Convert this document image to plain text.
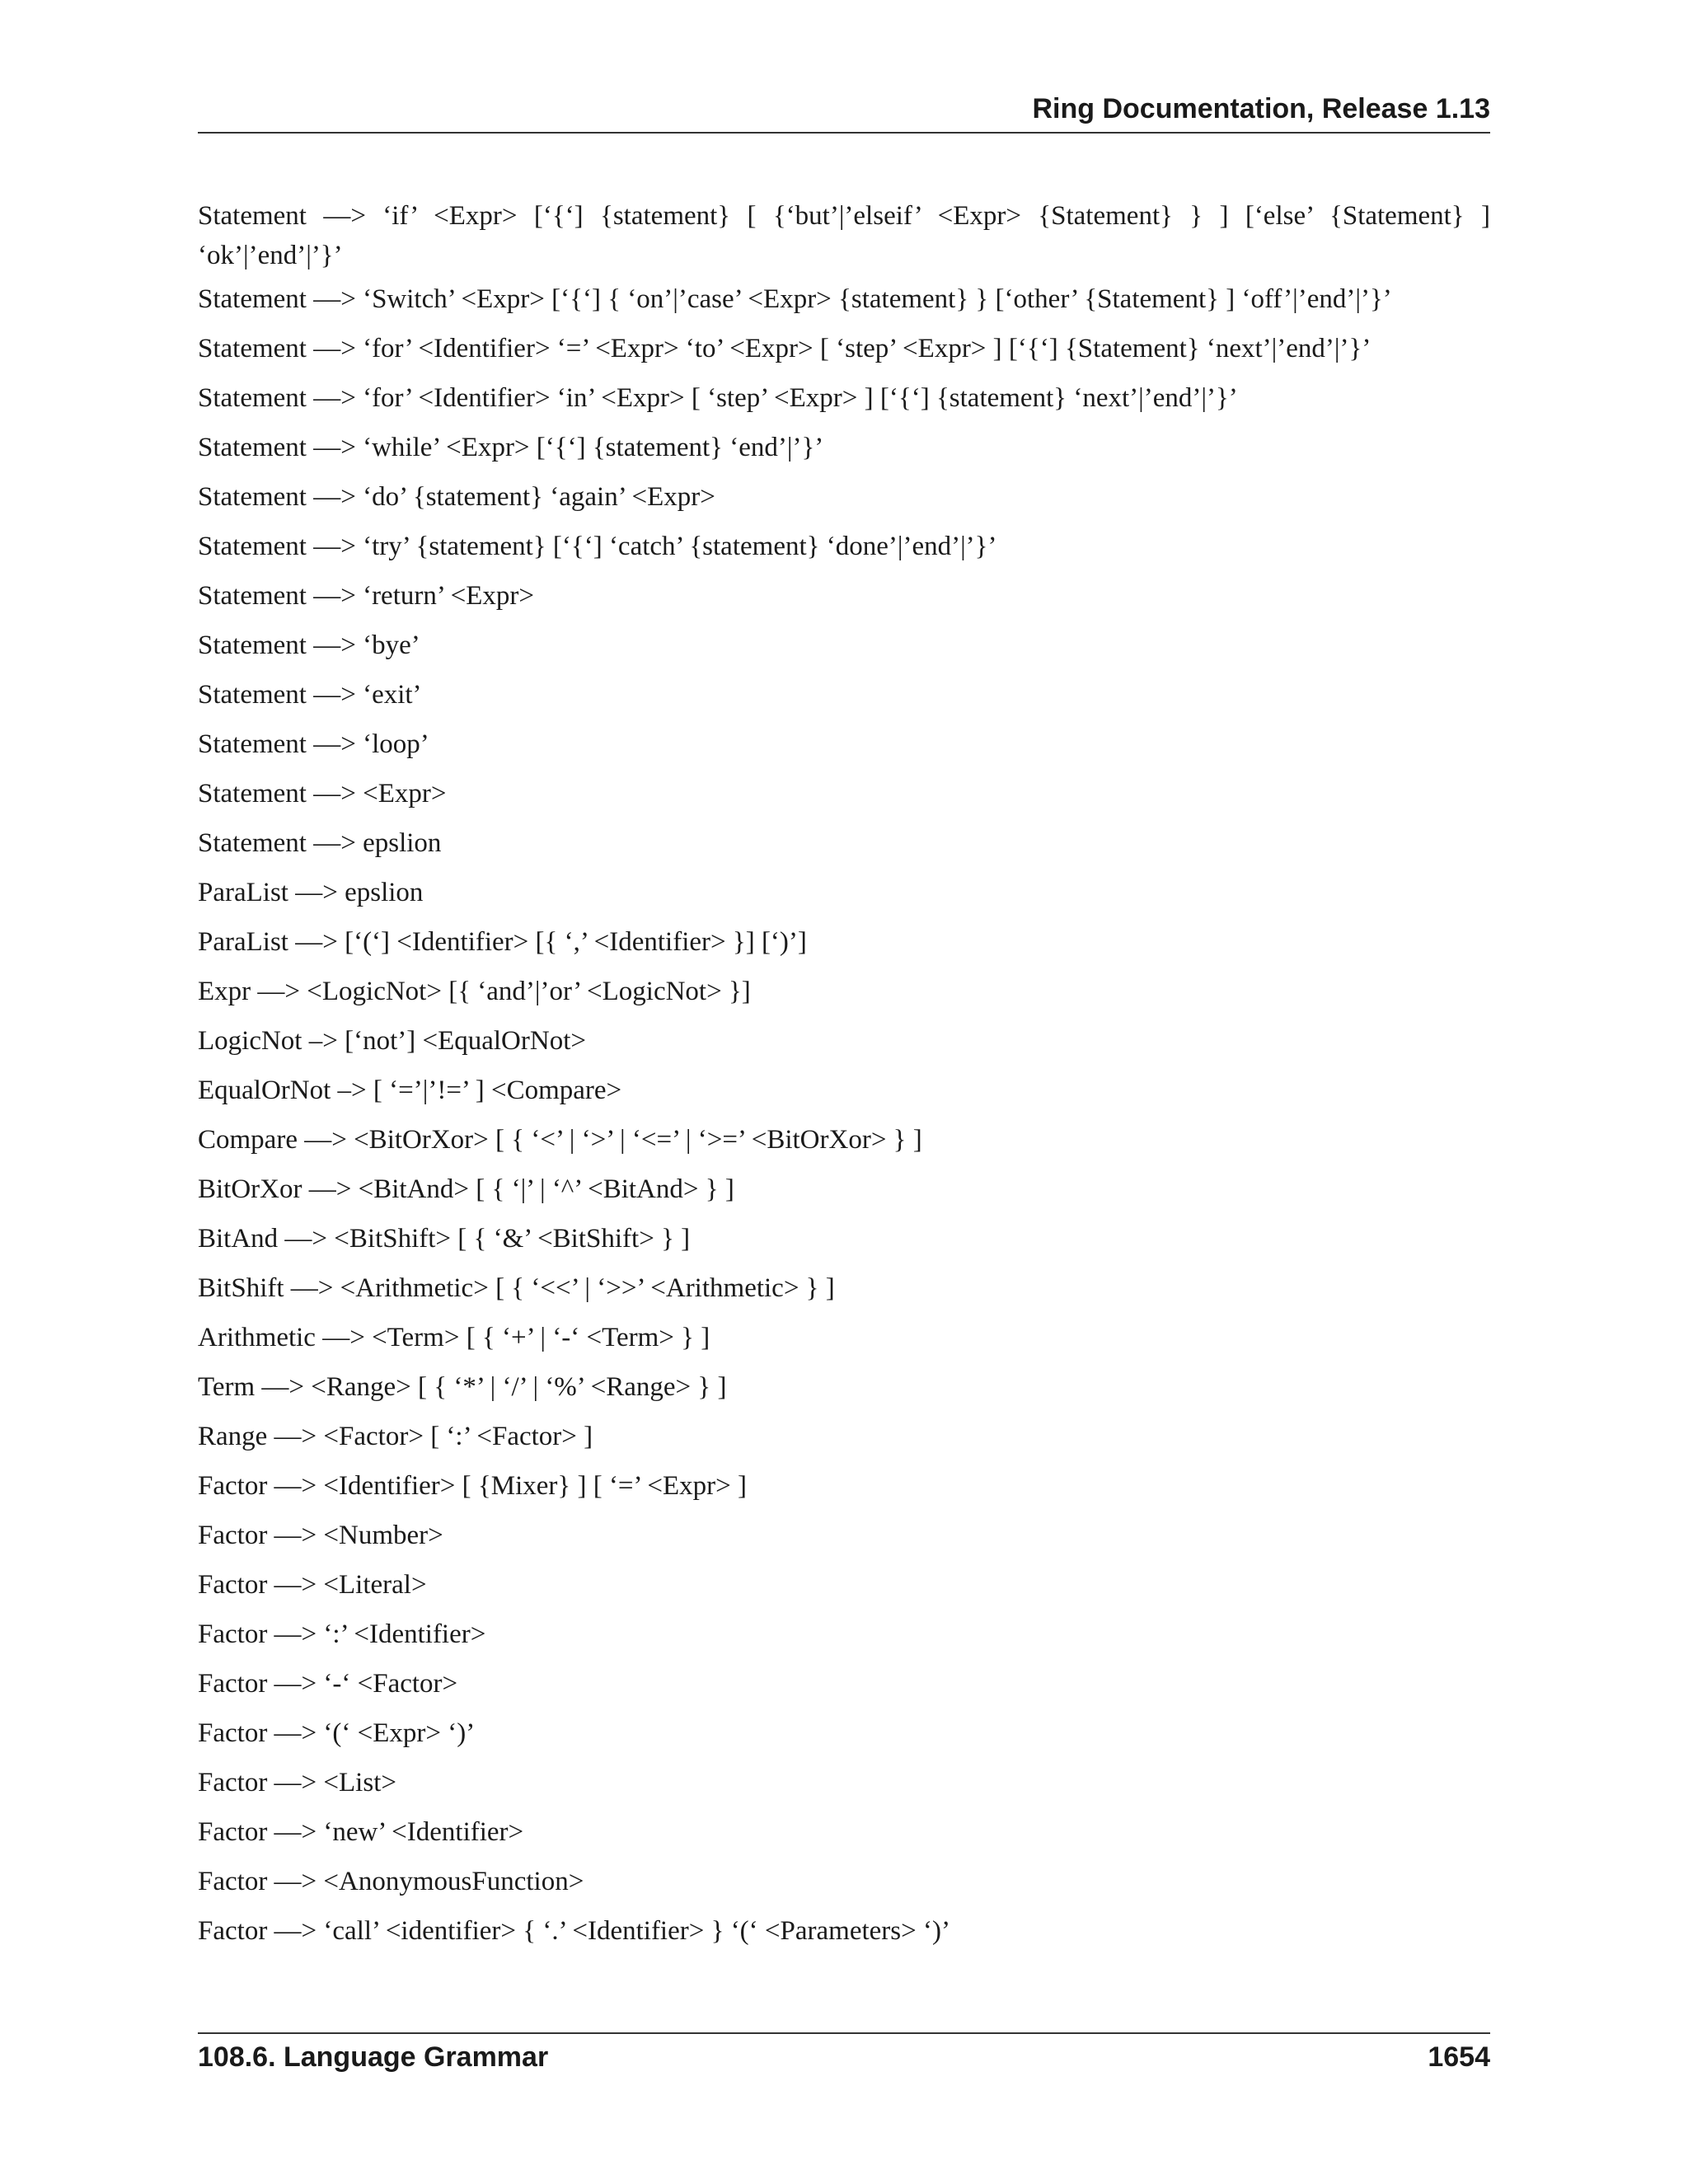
Ring Documentation, Release 1.13

Statement —> ‘if’ <Expr> [‘{‘] {statement} [ {‘but’|’elseif’ <Expr> {Statement} } ] [‘else’ {Statement} ] ‘ok’|’end’|’}’

Statement —> ‘Switch’ <Expr> [‘{‘] { ‘on’|’case’ <Expr> {statement} } [‘other’ {Statement} ] ‘off’|’end’|’}’

Statement —> ‘for’ <Identifier> ‘=’ <Expr> ‘to’ <Expr> [ ‘step’ <Expr> ] [‘{‘] {Statement} ‘next’|’end’|’}’

Statement —> ‘for’ <Identifier> ‘in’ <Expr> [ ‘step’ <Expr> ] [‘{‘] {statement} ‘next’|’end’|’}’

Statement —> ‘while’ <Expr> [‘{‘] {statement} ‘end’|’}’

Statement —> ‘do’ {statement} ‘again’ <Expr>

Statement —> ‘try’ {statement} [‘{‘] ‘catch’ {statement} ‘done’|’end’|’}’

Statement —> ‘return’ <Expr>

Statement —> ‘bye’

Statement —> ‘exit’

Statement —> ‘loop’

Statement —> <Expr>

Statement —> epslion

ParaList —> epslion

ParaList —> [‘(‘] <Identifier> [{ ‘,’ <Identifier> }] [‘)’]

Expr —> <LogicNot> [{ ‘and’|’or’ <LogicNot> }]

LogicNot –> [‘not’] <EqualOrNot>

EqualOrNot –> [ ‘=’|’!=’ ] <Compare>

Compare —> <BitOrXor> [ { ‘<’ | ‘>’ | ‘<=’ | ‘>=’ <BitOrXor> } ]

BitOrXor —> <BitAnd> [ { ‘|’ | ‘^’ <BitAnd> } ]

BitAnd —> <BitShift> [ { ‘&’ <BitShift> } ]

BitShift —> <Arithmetic> [ { ‘<<’ | ‘>>’ <Arithmetic> } ]

Arithmetic —> <Term> [ { ‘+’ | ‘-‘ <Term> } ]

Term —> <Range> [ { ‘*’ | ‘/’ | ‘%’ <Range> } ]

Range —> <Factor> [ ‘:’ <Factor> ]

Factor —> <Identifier> [ {Mixer} ] [ ‘=’ <Expr> ]

Factor —> <Number>

Factor —> <Literal>

Factor —> ‘:’ <Identifier>

Factor —> ‘-‘ <Factor>

Factor —> ‘(‘ <Expr> ‘)’

Factor —> <List>

Factor —> ‘new’ <Identifier>

Factor —> <AnonymousFunction>

Factor —> ‘call’ <identifier> { ‘.’ <Identifier> } ‘(‘ <Parameters> ‘)’

108.6. Language Grammar	1654
